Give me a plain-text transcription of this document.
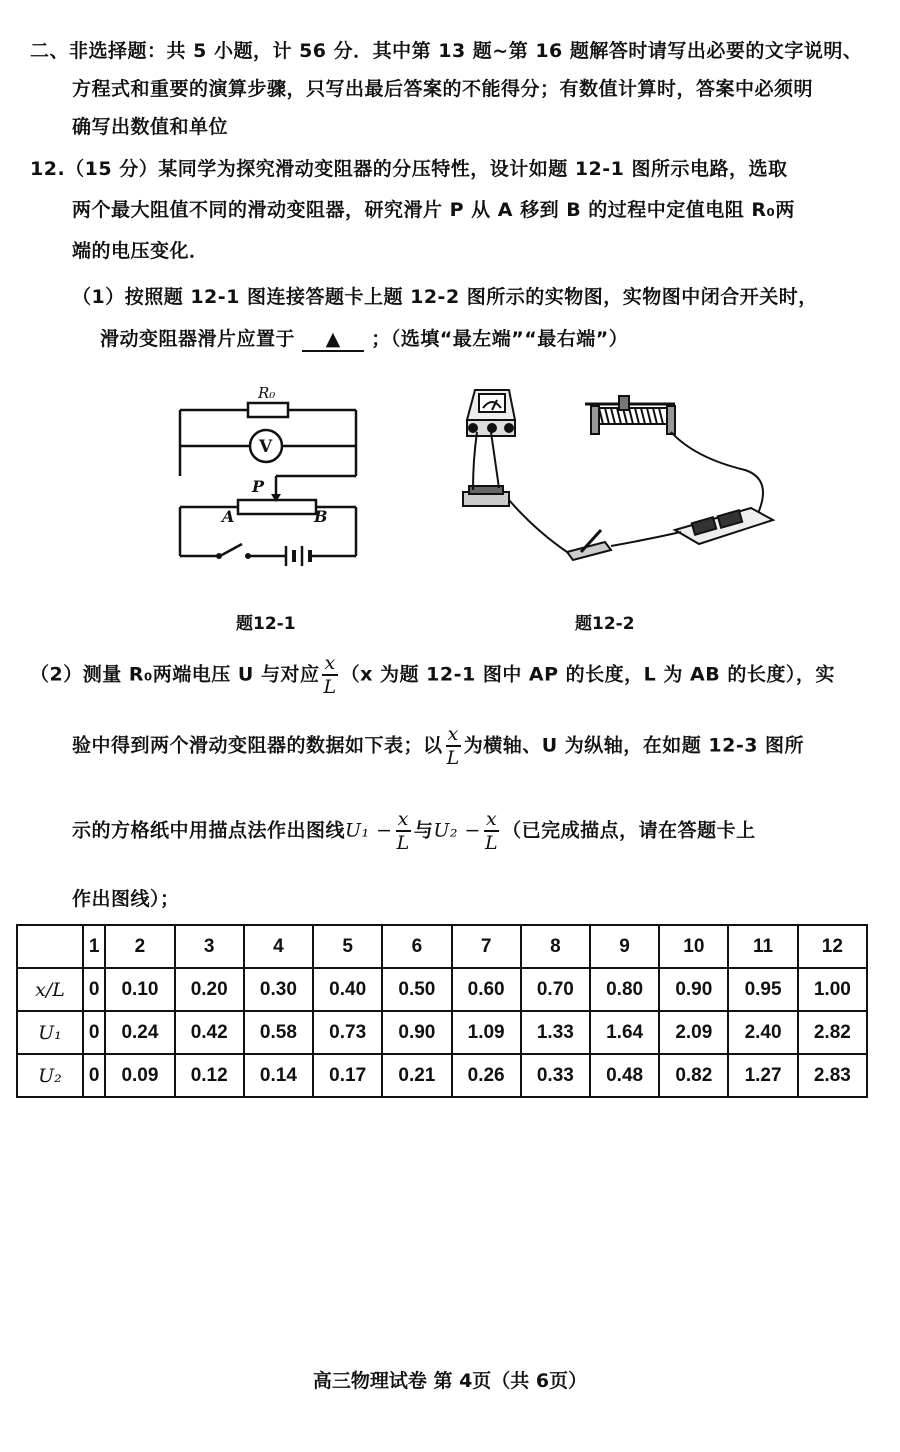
二、非选择题：共 5 小题，计 56 分．其中第 13 题~第 16 题解答时请写出必要的文字说明、
方程式和重要的演算步骤，只写出最后答案的不能得分；有数值计算时，答案中必须明
确写出数值和单位
12.（15 分）某同学为探究滑动变阻器的分压特性，设计如题 12-1 图所示电路，选取
两个最大阻值不同的滑动变阻器，研究滑片 P 从 A 移到 B 的过程中定值电阻 R₀两
端的电压变化．
（1）按照题 12-1 图连接答题卡上题 12-2 图所示的实物图，实物图中闭合开关时，
滑动变阻器滑片应置于 ▲ ；（选填“最左端”“最右端”）
R₀
V
P
A	B
题12-1	题12-2
（2）测量 R₀两端电压 U 与对应 $\frac{x}{L} (x$ 为题 12-1 图中 AP 的长度，L 为 AB 的长度），实
验中得到两个滑动变阻器的数据如下表；以 $\frac{x}{L}$ 为横轴、U 为纵轴，在如题 12-3 图所
示的方格纸中用描点法作出图线$U_1 - \frac{x}{L}$ 与$U_2 - \frac{x}{L}$ （已完成描点，请在答题卡上
作出图线）；
	1	2	3	4	5	6	7	8	9	10	11	12
x/L	0	0.10	0.20	0.30	0.40	0.50	0.60	0.70	0.80	0.90	0.95	1.00
U₁	0	0.24	0.42	0.58	0.73	0.90	1.09	1.33	1.64	2.09	2.40	2.82
U₂	0	0.09	0.12	0.14	0.17	0.21	0.26	0.33	0.48	0.82	1.27	2.83
高三物理试卷 第 4页（共 6页）
